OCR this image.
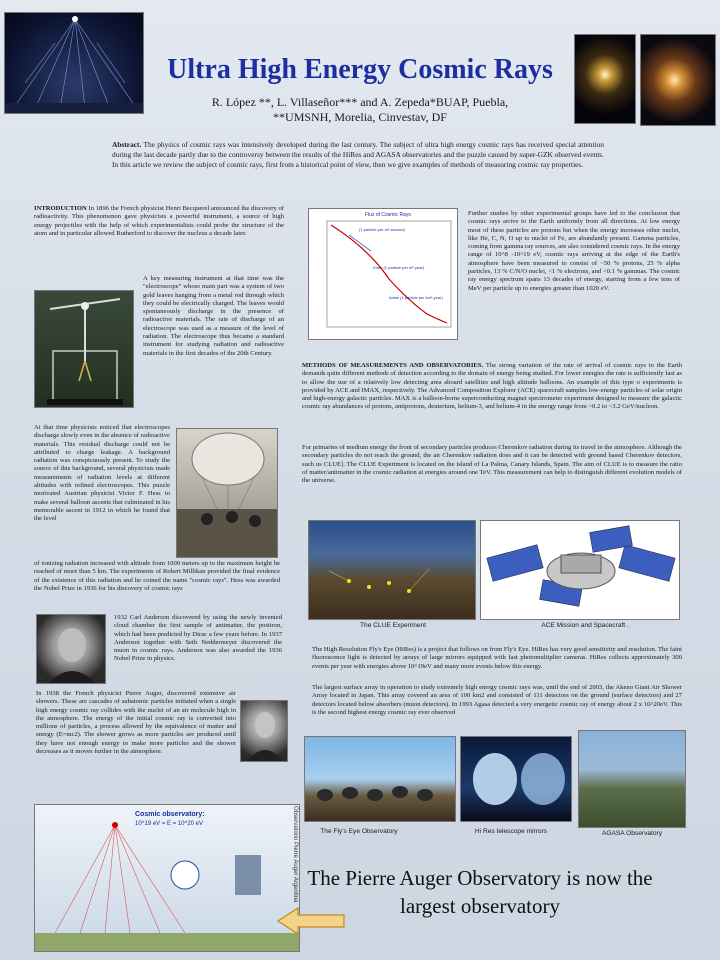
Ultra High Energy Cosmic Rays
R. López **, L. Villaseñor*** and A. Zepeda*BUAP, Puebla,
**UMSNH, Morelia, Cinvestav, DF
Abstract. The physics of cosmic rays was intensively developed during the last century. The subject of ultra high energy cosmic rays has received special attention during the last decade partly due to the controversy between the results of the HiRes and AGASA observatories and the puzzle caused by super-GZK observed events. In this article we review the subject of cosmic rays, first from a historical point of view, then we give examples of methods of measuring cosmic ray properties.
INTRODUCTION In 1896 the French physicist Henri Becquerel announced the discovery of radioactivity. This phenomenon gave physicists a powerful instrument, a source of high energy projectiles with the help of which experimentalists could probe the structure of the atom and in particular allowed Rutherford to discover the nucleus a decade later.
A key measuring instrument at that time was the "electroscope" whose main part was a system of two gold leaves hanging from a metal rod through which they could be electrically charged. The leaves would spontaneously discharge in the presence of radioactive materials. The rate of discharge of an electroscope was used as a measure of the level of radiation. The electroscope thus became a standard instrument for studying radiation and radioactive materials in the first decades of the 20th Century.
At that time physicists noticed that electroscopes discharge slowly even in the absence of radioactive materials. This residual discharge could not be attributed to charge leakage. A background radiation was conspicuously present. To study the source of this background, several physicists made measurements of radiation levels at different altitudes with refined electroscopes. This puzzle motivated Austrian physicist Victor F. Hess to make several balloon ascents that culminated in his memorable ascent in 1912 in which he found that the level
of ionizing radiation increased with altitude from 1000 meters up to the maximum height he reached of more than 5 km. The experiments of Robert Millikan provided the final evidence of the existence of this radiation and he coined the name "cosmic rays". Hess was awarded the Nobel Prize in 1936 for his discovery of cosmic rays
1932 Carl Anderson discovered by using the newly invented cloud chamber the first sample of antimatter, the positron, which had been predicted by Dirac a few years before. In 1937 Anderson together with Seth Neddermeyer discovered the muon in cosmic rays. Anderson was also awarded the 1936 Nobel Prize in physics.
In 1938 the French physicist Pierre Auger, discovered extensive air showers. These are cascades of subatomic particles initiated when a single high energy cosmic ray collides with the nuclei of an air molecule high in the atmosphere. The energy of the initial cosmic ray is converted into millions of particles, a process allowed by the equivalence of matter and energy (E=mc2). The shower grows as more particles are produced until they have not enough energy to make more particles and the shower decreases as it moves further in the atmosphere.
Cosmic observatory:
10^19 eV = E = 10^20 eV	Observatorio Pierre Auger Argentina
Flux of Cosmic Rays
(1 particle per m²-second)
Knee (1 particle per m²-year)
Ankle (1 particle per km²-year)
Further studies by other experimental groups have led to the conclusion that cosmic rays arrive to the Earth uniformly from all directions. At low energy most of these particles are protons but when the energy increases other nuclei, like He, C, N, O up to nuclei of Fe, are abundantly present. Gamma particles, coming from gamma ray sources, are also considered cosmic rays. In the energy range of 10^8 -10^19 eV, cosmic rays arriving at the edge of the Earth's atmosphere have been measured to consist of ~50 % protons, 25 % alpha particles, 13 % C/N/O nuclei, <1 % electrons, and <0.1 % gammas. The cosmic ray energy spectrum spans 13 decades of energy, starting from a few tens of MeV per particle up to energies greater than 1020 eV.
METHODS OF MEASUREMENTS AND OBSERVATORIES. The strong variation of the rate of arrival of cosmic rays to the Earth demands quite different methods of detection according to the domain of energy being studied. For lower energies the rate is sufficiently fast as to allow the use of a relatively low detecting area aboard satellites and high altitude balloons. An example of this type o experiments is provided by ACE and IMAX, respectively. The Advanced Composition Explorer (ACE) spacecraft samples low-energy particles of solar origin and high-energy galactic particles. MAX is a balloon-borne superconducting magnet spectrometer experiment designed to measure the galactic cosmic ray abundances of protons, antiprotons, deuterium, helium-3, and helium-4 in the energy range from ~0.2 to ~3.2 GeV/nucleon.
For primaries of medium energy the front of secondary particles produces Cherenkov radiation during its travel in the atmosphere. Although the secondary particles do not reach the ground, the air Cherenkov radiation does and it can be detected with ground based Cherenkov detectors, such us CLUE]. The CLUE Experiment is located on the island of La Palma, Canary Islands, Spain. The aim of CLUE is to measure the ratio of matter/antimatter in the cosmic radiation at energies around one TeV. This measurement can help to distinguish different evolution models of the universe.
The CLUE Experiment	ACE Mission and Spacecraft .
The High Resolution Fly's Eye (HiRes) is a project that follows on from Fly's Eye. HiRes has very good sensitivity and resolution. The faint fluorescence light is detected by arrays of large mirrors equipped with fast photomultiplier cameras. HiRes collects approximately 300 events per year with energies above 10^19eV and many more events below this energy.
The largest surface array in operation to study extremely high energy cosmic rays was, until the end of 2003, the Akeno Giant Air Shower Array located in Japan. This array covered an area of 100 km2 and consisted of 111 detectors on the ground (surface detectors) and 27 detectors located below absorbers (muon detectors). In 1993 Agasa detected a very energetic cosmic ray of energy about 2 x 10^20eV. This is the second highest energy cosmic ray ever observed
The Fly's Eye Observatory	Hi Res telescope mirrors	AGASA Observatory
The Pierre Auger Observatory is now the largest observatory
